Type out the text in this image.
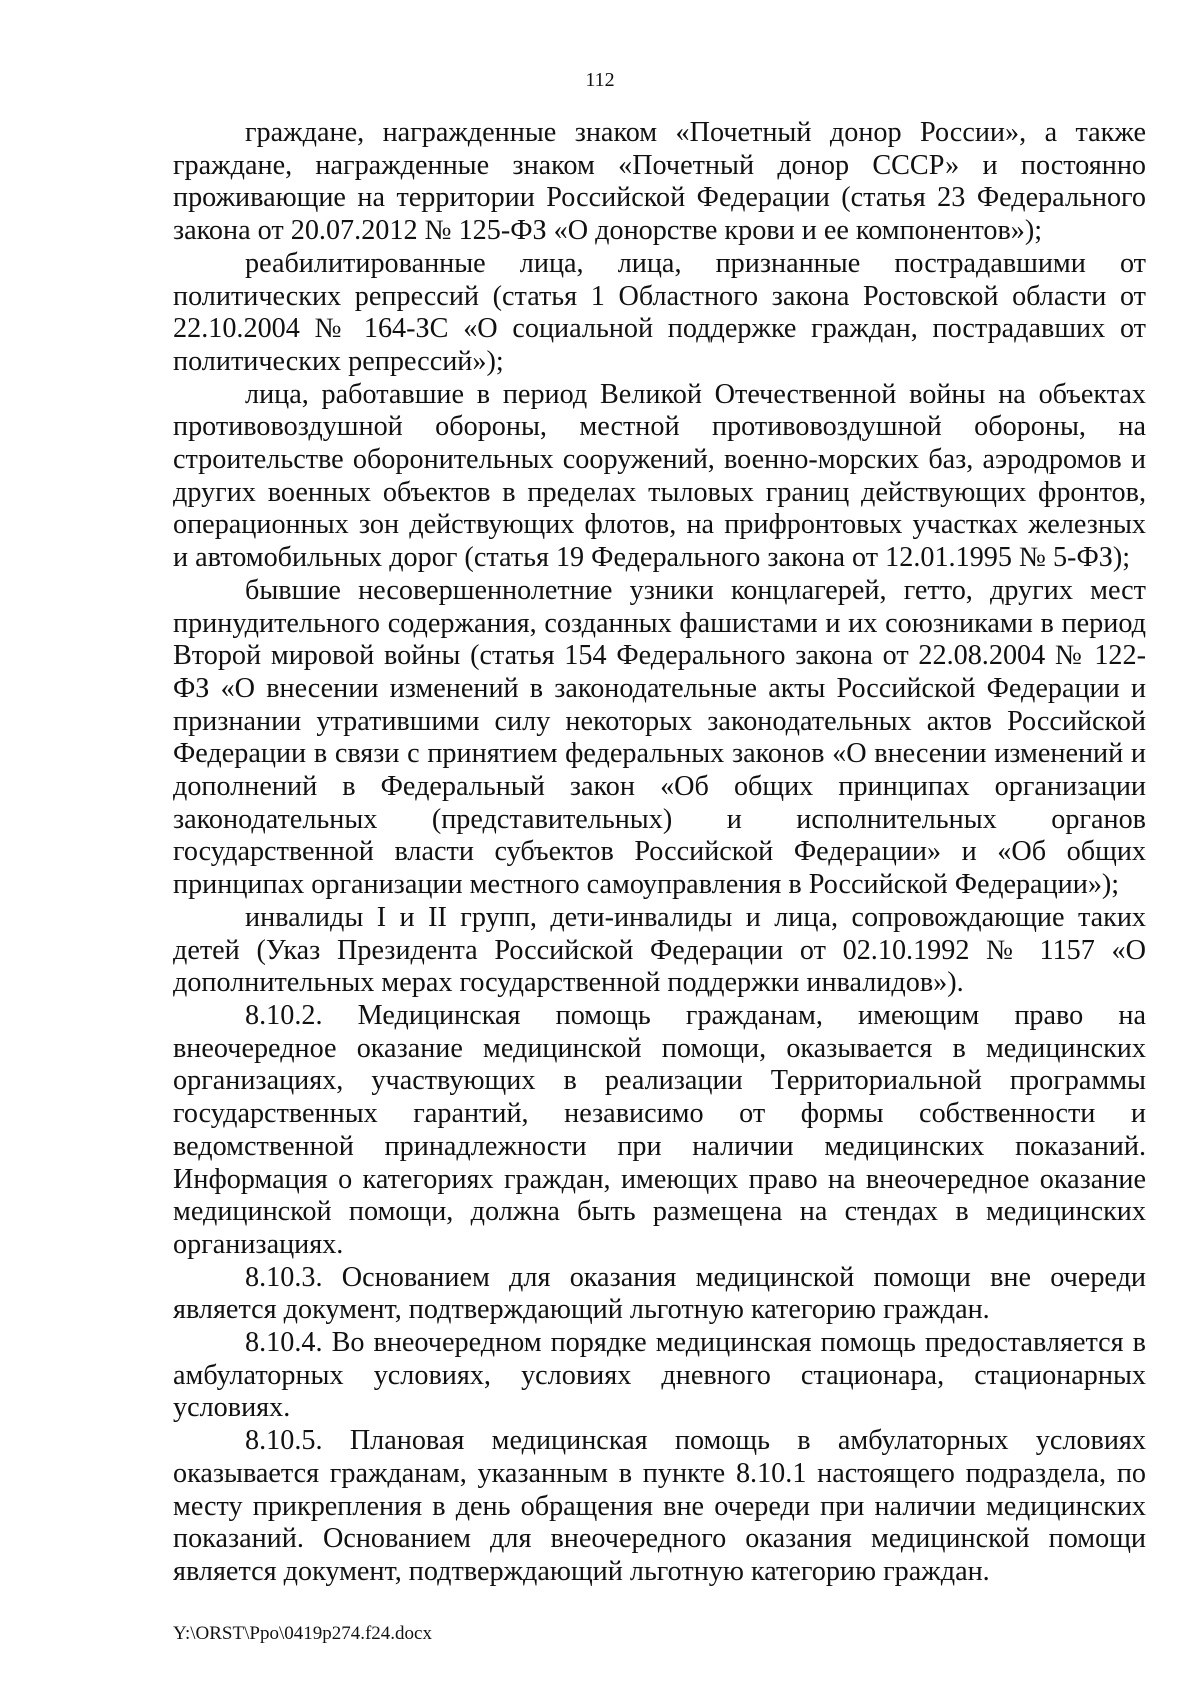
112

граждане, награжденные знаком «Почетный донор России», а также граждане, награжденные знаком «Почетный донор СССР» и постоянно проживающие на территории Российской Федерации (статья 23 Федерального закона от 20.07.2012 № 125-ФЗ «О донорстве крови и ее компонентов»);

реабилитированные лица, лица, признанные пострадавшими от политических репрессий (статья 1 Областного закона Ростовской области от 22.10.2004 № 164-ЗС «О социальной поддержке граждан, пострадавших от политических репрессий»);

лица, работавшие в период Великой Отечественной войны на объектах противовоздушной обороны, местной противовоздушной обороны, на строительстве оборонительных сооружений, военно-морских баз, аэродромов и других военных объектов в пределах тыловых границ действующих фронтов, операционных зон действующих флотов, на прифронтовых участках железных и автомобильных дорог (статья 19 Федерального закона от 12.01.1995 № 5-ФЗ);

бывшие несовершеннолетние узники концлагерей, гетто, других мест принудительного содержания, созданных фашистами и их союзниками в период Второй мировой войны (статья 154 Федерального закона от 22.08.2004 № 122-ФЗ «О внесении изменений в законодательные акты Российской Федерации и признании утратившими силу некоторых законодательных актов Российской Федерации в связи с принятием федеральных законов «О внесении изменений и дополнений в Федеральный закон «Об общих принципах организации законодательных (представительных) и исполнительных органов государственной власти субъектов Российской Федерации» и «Об общих принципах организации местного самоуправления в Российской Федерации»);

инвалиды I и II групп, дети-инвалиды и лица, сопровождающие таких детей (Указ Президента Российской Федерации от 02.10.1992 № 1157 «О дополнительных мерах государственной поддержки инвалидов»).

8.10.2. Медицинская помощь гражданам, имеющим право на внеочередное оказание медицинской помощи, оказывается в медицинских организациях, участвующих в реализации Территориальной программы государственных гарантий, независимо от формы собственности и ведомственной принадлежности при наличии медицинских показаний. Информация о категориях граждан, имеющих право на внеочередное оказание медицинской помощи, должна быть размещена на стендах в медицинских организациях.

8.10.3. Основанием для оказания медицинской помощи вне очереди является документ, подтверждающий льготную категорию граждан.

8.10.4. Во внеочередном порядке медицинская помощь предоставляется в амбулаторных условиях, условиях дневного стационара, стационарных условиях.

8.10.5. Плановая медицинская помощь в амбулаторных условиях оказывается гражданам, указанным в пункте 8.10.1 настоящего подраздела, по месту прикрепления в день обращения вне очереди при наличии медицинских показаний. Основанием для внеочередного оказания медицинской помощи является документ, подтверждающий льготную категорию граждан.

Y:\ORST\Ppo\0419p274.f24.docx
